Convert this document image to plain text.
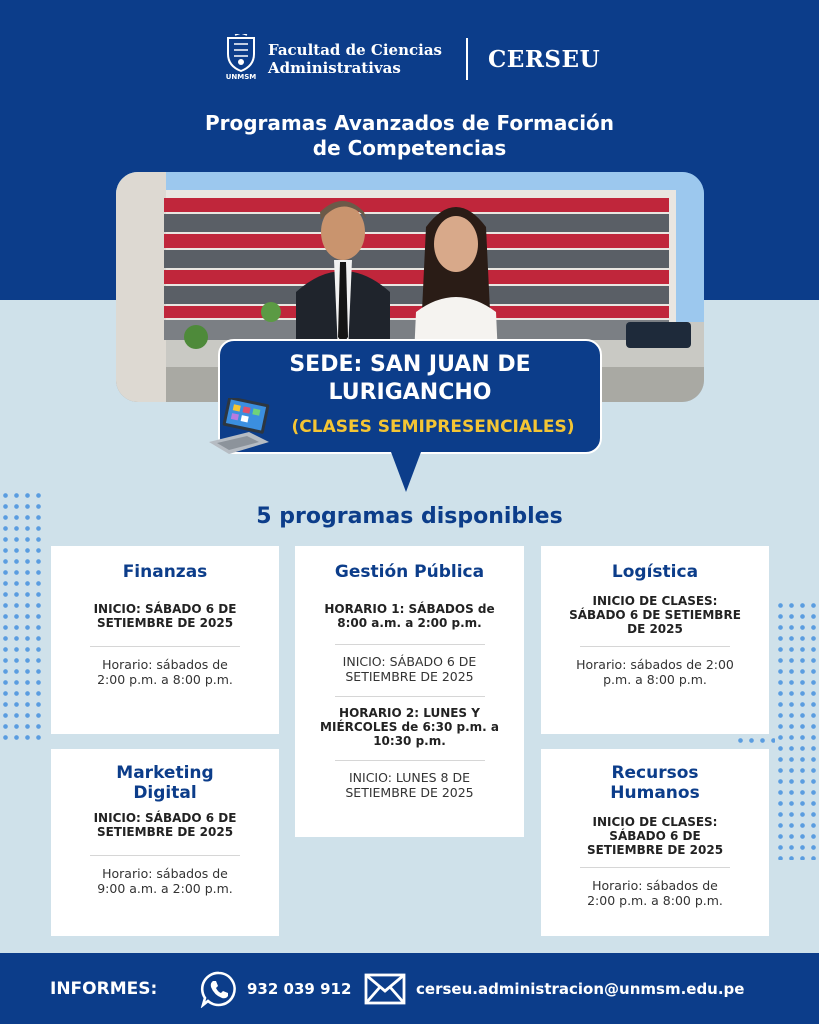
UNMSM
Facultad de Ciencias
Administrativas	CERSEU
Programas Avanzados de Formación
de Competencias
SEDE: SAN JUAN DE
LURIGANCHO
(CLASES SEMIPRESENCIALES)
5 programas disponibles
Finanzas
INICIO: SÁBADO 6 DE
SETIEMBRE DE 2025
Horario: sábados de
2:00 p.m. a 8:00 p.m.
Gestión Pública
HORARIO 1: SÁBADOS de
8:00 a.m. a 2:00 p.m.
INICIO: SÁBADO 6 DE
SETIEMBRE DE 2025
HORARIO 2: LUNES Y
MIÉRCOLES de 6:30 p.m. a
10:30 p.m.
INICIO: LUNES 8 DE
SETIEMBRE DE 2025
Logística
INICIO DE CLASES:
SÁBADO 6 DE SETIEMBRE
DE 2025
Horario: sábados de 2:00
p.m. a 8:00 p.m.
Marketing
Digital
INICIO: SÁBADO 6 DE
SETIEMBRE DE 2025
Horario: sábados de
9:00 a.m. a 2:00 p.m.
Recursos
Humanos
INICIO DE CLASES:
SÁBADO 6 DE
SETIEMBRE DE 2025
Horario: sábados de
2:00 p.m. a 8:00 p.m.
INFORMES:	932 039 912	cerseu.administracion@unmsm.edu.pe
